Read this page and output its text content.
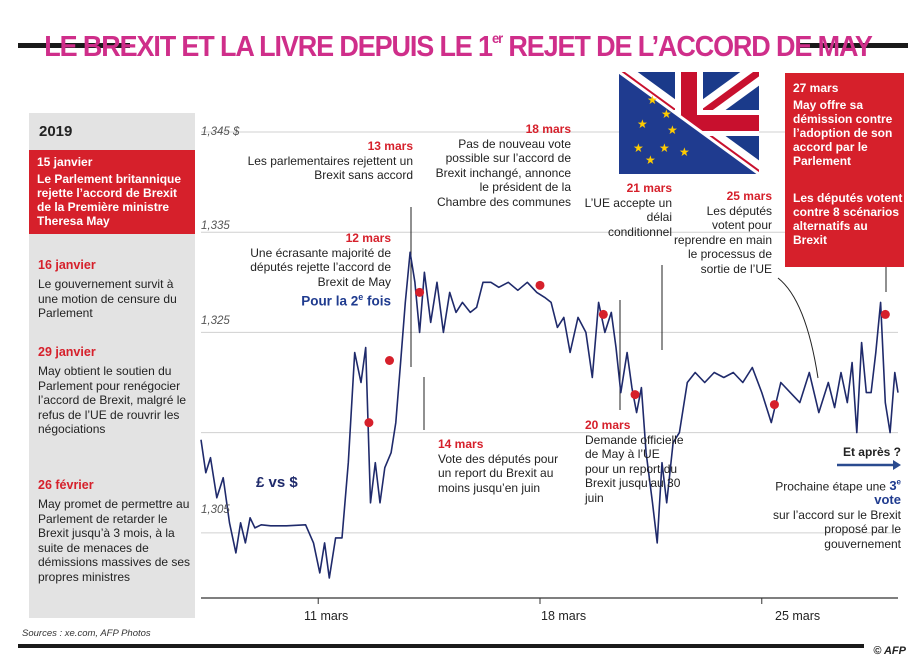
LE BREXIT ET LA LIVRE DEPUIS LE 1er REJET DE L’ACCORD DE MAY
★
★
★
★
★
★
★
★
1,345 $
1,335
1,325
1,305
11 mars	18 mars	25 mars
£ vs $
2019
15 janvier
Le Parlement britannique rejette l’accord de Brexit de la Première ministre Theresa May
16 janvier
Le gouvernement survit à une motion de censure du Parlement
29 janvier
May obtient le soutien du Parlement pour renégocier l’accord de Brexit, malgré le refus de l’UE de rouvrir les négociations
26 février
May promet de permettre au Parlement de retarder le Brexit jusqu’à 3 mois, à la suite de menaces de démissions massives de ses propres ministres
12 mars
Une écrasante majorité de députés rejette l’accord de Brexit de May
Pour la 2e fois
13 mars
Les parlementaires rejettent un Brexit sans accord
14 mars
Vote des députés pour un report du Brexit au moins jusqu’en juin
18 mars
Pas de nouveau vote possible sur l’accord de Brexit inchangé, annonce le président de la Chambre des communes
20 mars
Demande officielle de May à l’UE pour un report du Brexit jusqu’au 30 juin
21 mars
L’UE accepte un délai conditionnel
25 mars
Les députés votent pour reprendre en main le processus de sortie de l’UE
27 mars
May offre sa démission contre l’adoption de son accord par le Parlement
Les députés votent contre 8 scénarios alternatifs au Brexit
Et après ?
Prochaine étape une 3e vote
sur l’accord sur le Brexit proposé par le gouvernement
Sources : xe.com, AFP Photos
© AFP
